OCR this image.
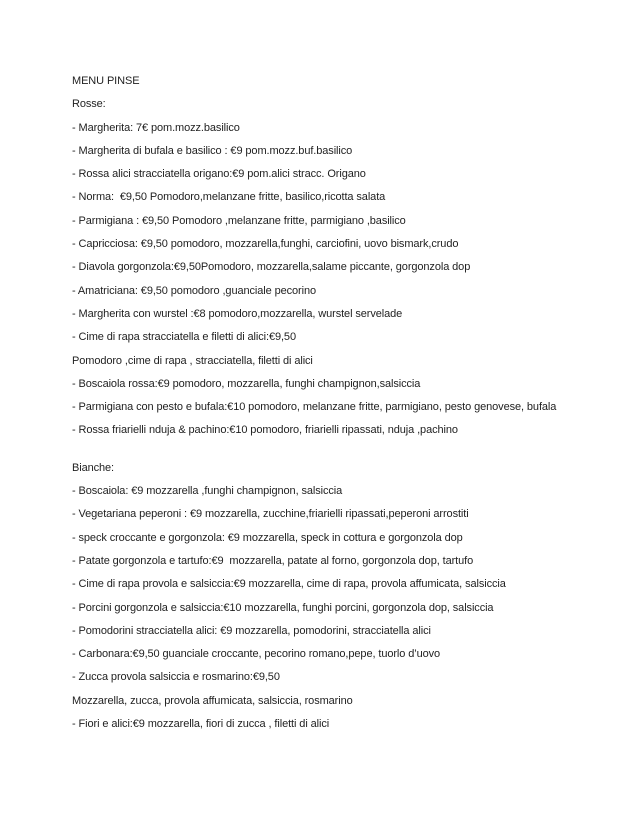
MENU PINSE

Rosse:

- Margherita: 7€ pom.mozz.basilico

- Margherita di bufala e basilico : €9 pom.mozz.buf.basilico

- Rossa alici stracciatella origano:€9 pom.alici stracc. Origano

- Norma:  €9,50 Pomodoro,melanzane fritte, basilico,ricotta salata

- Parmigiana : €9,50 Pomodoro ,melanzane fritte, parmigiano ,basilico

- Capricciosa: €9,50 pomodoro, mozzarella,funghi, carciofini, uovo bismark,crudo

- Diavola gorgonzola:€9,50Pomodoro, mozzarella,salame piccante, gorgonzola dop

- Amatriciana: €9,50 pomodoro ,guanciale pecorino

- Margherita con wurstel :€8 pomodoro,mozzarella, wurstel servelade

- Cime di rapa stracciatella e filetti di alici:€9,50

Pomodoro ,cime di rapa , stracciatella, filetti di alici

- Boscaiola rossa:€9 pomodoro, mozzarella, funghi champignon,salsiccia

- Parmigiana con pesto e bufala:€10 pomodoro, melanzane fritte, parmigiano, pesto genovese, bufala

- Rossa friarielli nduja & pachino:€10 pomodoro, friarielli ripassati, nduja ,pachino

Bianche:

- Boscaiola: €9 mozzarella ,funghi champignon, salsiccia

- Vegetariana peperoni : €9 mozzarella, zucchine,friarielli ripassati,peperoni arrostiti

- speck croccante e gorgonzola: €9 mozzarella, speck in cottura e gorgonzola dop

- Patate gorgonzola e tartufo:€9  mozzarella, patate al forno, gorgonzola dop, tartufo

- Cime di rapa provola e salsiccia:€9 mozzarella, cime di rapa, provola affumicata, salsiccia

- Porcini gorgonzola e salsiccia:€10 mozzarella, funghi porcini, gorgonzola dop, salsiccia

- Pomodorini stracciatella alici: €9 mozzarella, pomodorini, stracciatella alici

- Carbonara:€9,50 guanciale croccante, pecorino romano,pepe, tuorlo d’uovo

- Zucca provola salsiccia e rosmarino:€9,50

Mozzarella, zucca, provola affumicata, salsiccia, rosmarino

- Fiori e alici:€9 mozzarella, fiori di zucca , filetti di alici
